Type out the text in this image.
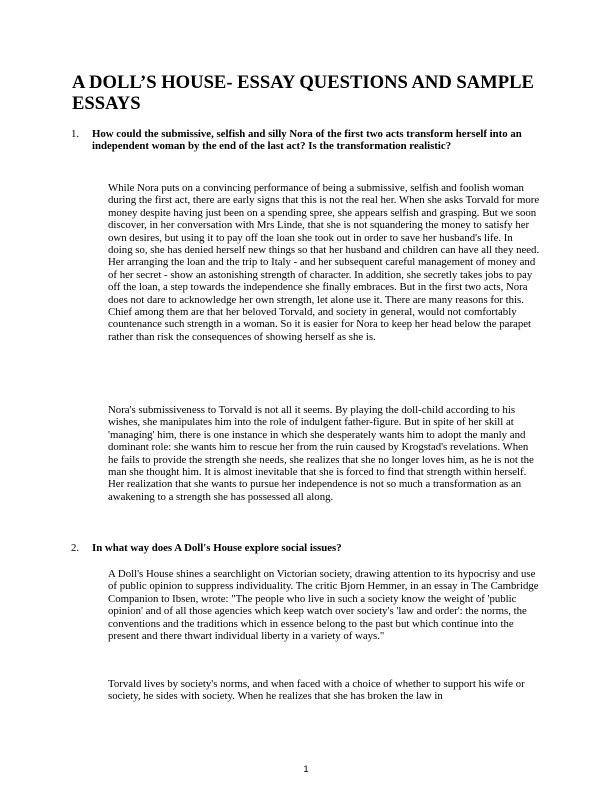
A DOLL’S HOUSE- ESSAY QUESTIONS AND SAMPLE ESSAYS
1. How could the submissive, selfish and silly Nora of the first two acts transform herself into an independent woman by the end of the last act? Is the transformation realistic?

While Nora puts on a convincing performance of being a submissive, selfish and foolish woman during the first act, there are early signs that this is not the real her. When she asks Torvald for more money despite having just been on a spending spree, she appears selfish and grasping. But we soon discover, in her conversation with Mrs Linde, that she is not squandering the money to satisfy her own desires, but using it to pay off the loan she took out in order to save her husband's life. In doing so, she has denied herself new things so that her husband and children can have all they need. Her arranging the loan and the trip to Italy - and her subsequent careful management of money and of her secret - show an astonishing strength of character. In addition, she secretly takes jobs to pay off the loan, a step towards the independence she finally embraces. But in the first two acts, Nora does not dare to acknowledge her own strength, let alone use it. There are many reasons for this. Chief among them are that her beloved Torvald, and society in general, would not comfortably countenance such strength in a woman. So it is easier for Nora to keep her head below the parapet rather than risk the consequences of showing herself as she is.

Nora's submissiveness to Torvald is not all it seems. By playing the doll-child according to his wishes, she manipulates him into the role of indulgent father-figure. But in spite of her skill at 'managing' him, there is one instance in which she desperately wants him to adopt the manly and dominant role: she wants him to rescue her from the ruin caused by Krogstad's revelations. When he fails to provide the strength she needs, she realizes that she no longer loves him, as he is not the man she thought him. It is almost inevitable that she is forced to find that strength within herself. Her realization that she wants to pursue her independence is not so much a transformation as an awakening to a strength she has possessed all along.

2. In what way does A Doll's House explore social issues?

A Doll's House shines a searchlight on Victorian society, drawing attention to its hypocrisy and use of public opinion to suppress individuality. The critic Bjorn Hemmer, in an essay in The Cambridge Companion to Ibsen, wrote: "The people who live in such a society know the weight of 'public opinion' and of all those agencies which keep watch over society's 'law and order': the norms, the conventions and the traditions which in essence belong to the past but which continue into the present and there thwart individual liberty in a variety of ways."

Torvald lives by society's norms, and when faced with a choice of whether to support his wife or society, he sides with society. When he realizes that she has broken the law in

1
